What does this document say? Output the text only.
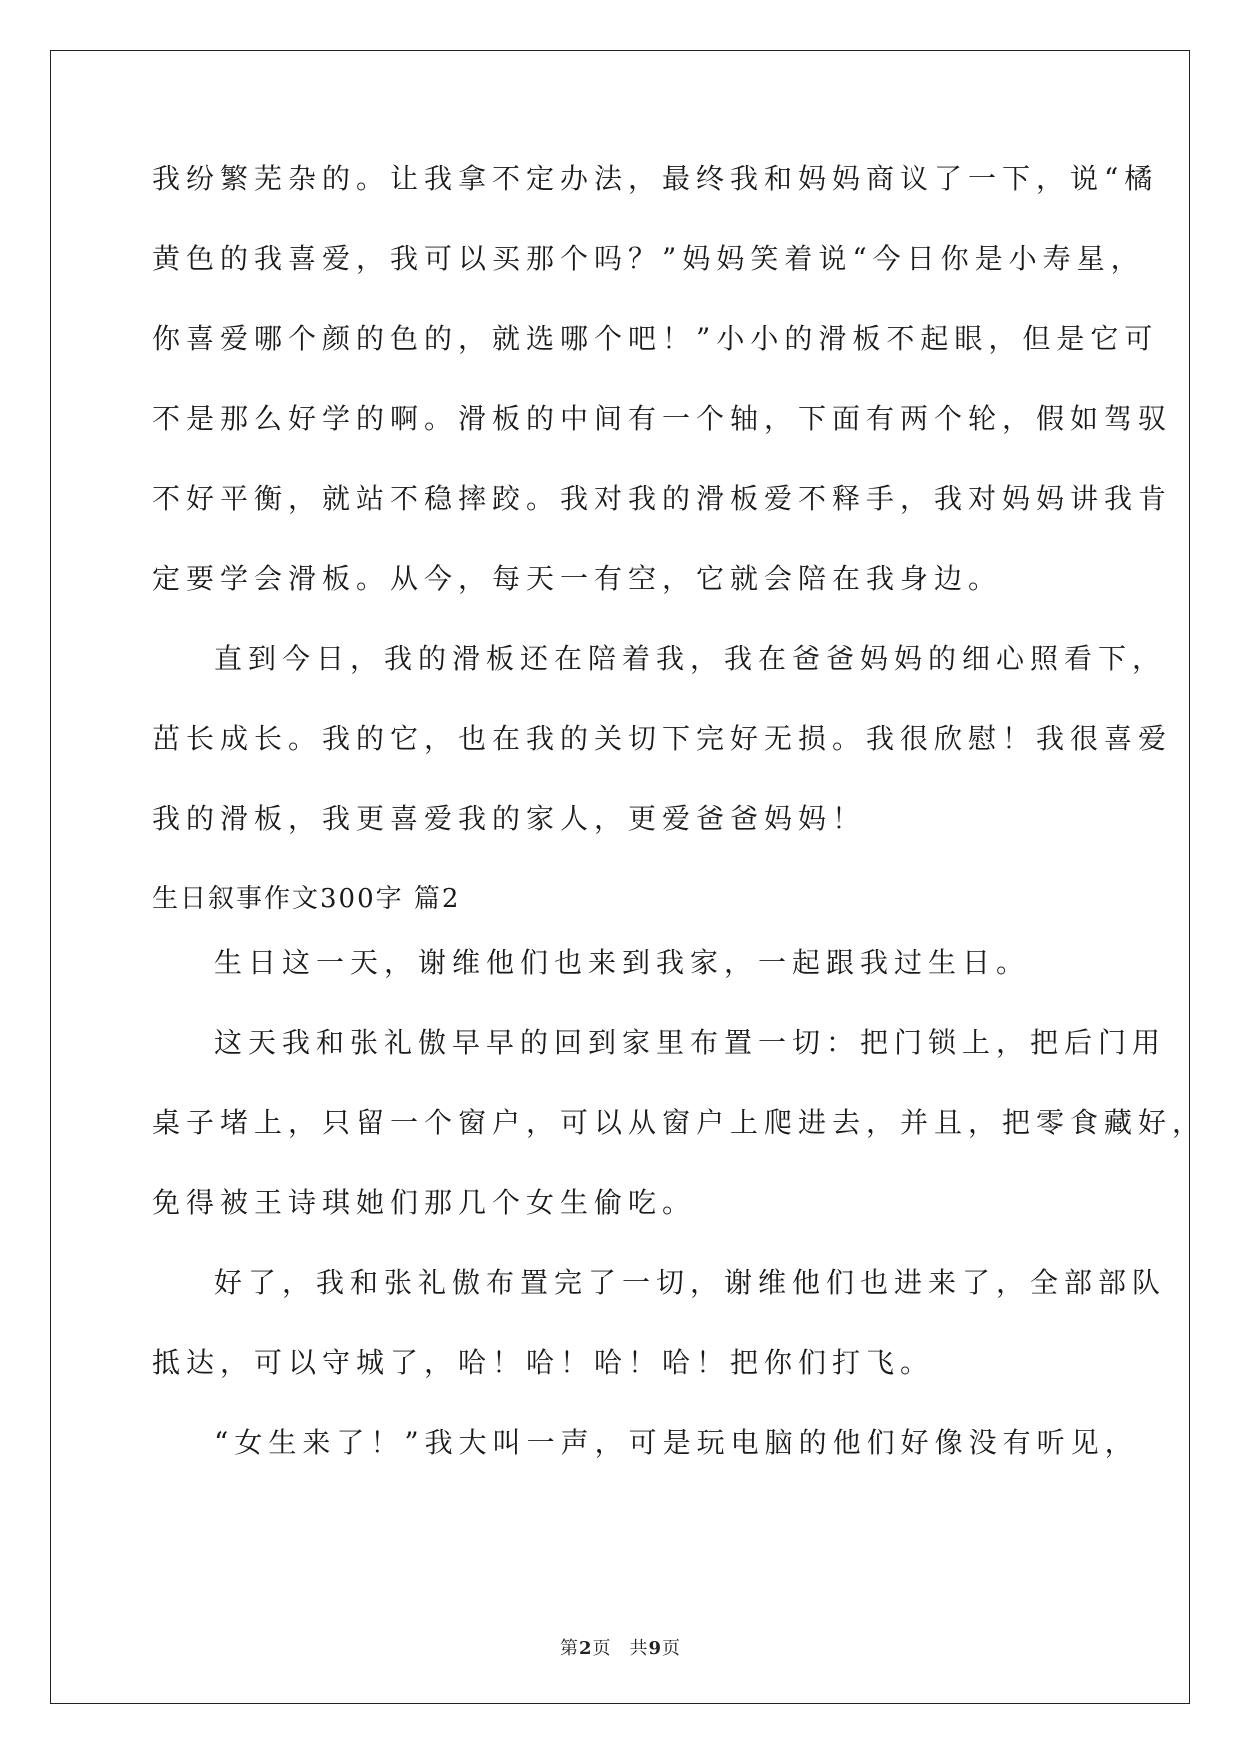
我纷繁芜杂的。让我拿不定办法，最终我和妈妈商议了一下，说“橘

黄色的我喜爱，我可以买那个吗？”妈妈笑着说“今日你是小寿星，

你喜爱哪个颜的色的，就选哪个吧！”小小的滑板不起眼，但是它可

不是那么好学的啊。滑板的中间有一个轴，下面有两个轮，假如驾驭

不好平衡，就站不稳摔跤。我对我的滑板爱不释手，我对妈妈讲我肯

定要学会滑板。从今，每天一有空，它就会陪在我身边。

直到今日，我的滑板还在陪着我，我在爸爸妈妈的细心照看下，

茁长成长。我的它，也在我的关切下完好无损。我很欣慰！我很喜爱

我的滑板，我更喜爱我的家人，更爱爸爸妈妈！

生日叙事作文300字 篇2

生日这一天，谢维他们也来到我家，一起跟我过生日。

这天我和张礼傲早早的回到家里布置一切：把门锁上，把后门用

桌子堵上，只留一个窗户，可以从窗户上爬进去，并且，把零食藏好，

免得被王诗琪她们那几个女生偷吃。

好了，我和张礼傲布置完了一切，谢维他们也进来了，全部部队

抵达，可以守城了，哈！哈！哈！哈！把你们打飞。

“女生来了！”我大叫一声，可是玩电脑的他们好像没有听见，

第2页 共9页
